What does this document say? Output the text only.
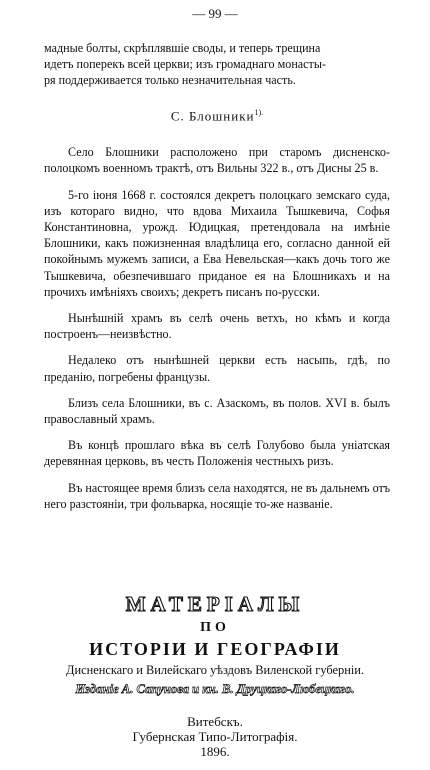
— 99 —
мадные болты, скрѣплявшіе своды, и теперь трещина
идетъ поперекъ всей церкви; изъ громаднаго монасты-
ря поддерживается только незначительная часть.
С. Блошники$^{1).}$

Село Блошники расположено при старомъ дисненско-полоцкомъ военномъ трактѣ, отъ Вильны 322 в., отъ Дисны 25 в.

5-го іюня 1668 г. состоялся декретъ полоцкаго земскаго суда, изъ котораго видно, что вдова Михаила Тышкевича, Софья Константиновна, урожд. Юдицкая, претендовала на имѣніе Блошники, какъ пожизненная владѣлица его, согласно данной ей покойнымъ мужемъ записи, а Ева Невельская—какъ дочь того же Тышкевича, обезпечившаго приданое ея на Блошникахъ и на прочихъ имѣніяхъ своихъ; декретъ писанъ по-русски.

Нынѣшній храмъ въ селѣ очень ветхъ, но кѣмъ и когда построенъ—неизвѣстно.

Недалеко отъ нынѣшней церкви есть насыпь, гдѣ, по преданію, погребены французы.

Близъ села Блошники, въ с. Азаскомъ, въ полов. XVI в. былъ православный храмъ.

Въ концѣ прошлаго вѣка въ селѣ Голубово была уніатская деревянная церковь, въ честь Положенія честныхъ ризъ.

Въ настоящее время близъ села находятся, не въ дальнемъ отъ него разстояніи, три фольварка, носящіе то-же названіе.

МАТЕРІАЛЫ
ПО
ИСТОРІИ И ГЕОГРАФІИ
Дисненскаго и Вилейскаго уѣздовъ Виленской губерніи.
Изданіе А. Сапунова и кн. В. Друцкаго-Любецкаго.
Витебскъ.
Губернская Типо-Литографія.
1896.
